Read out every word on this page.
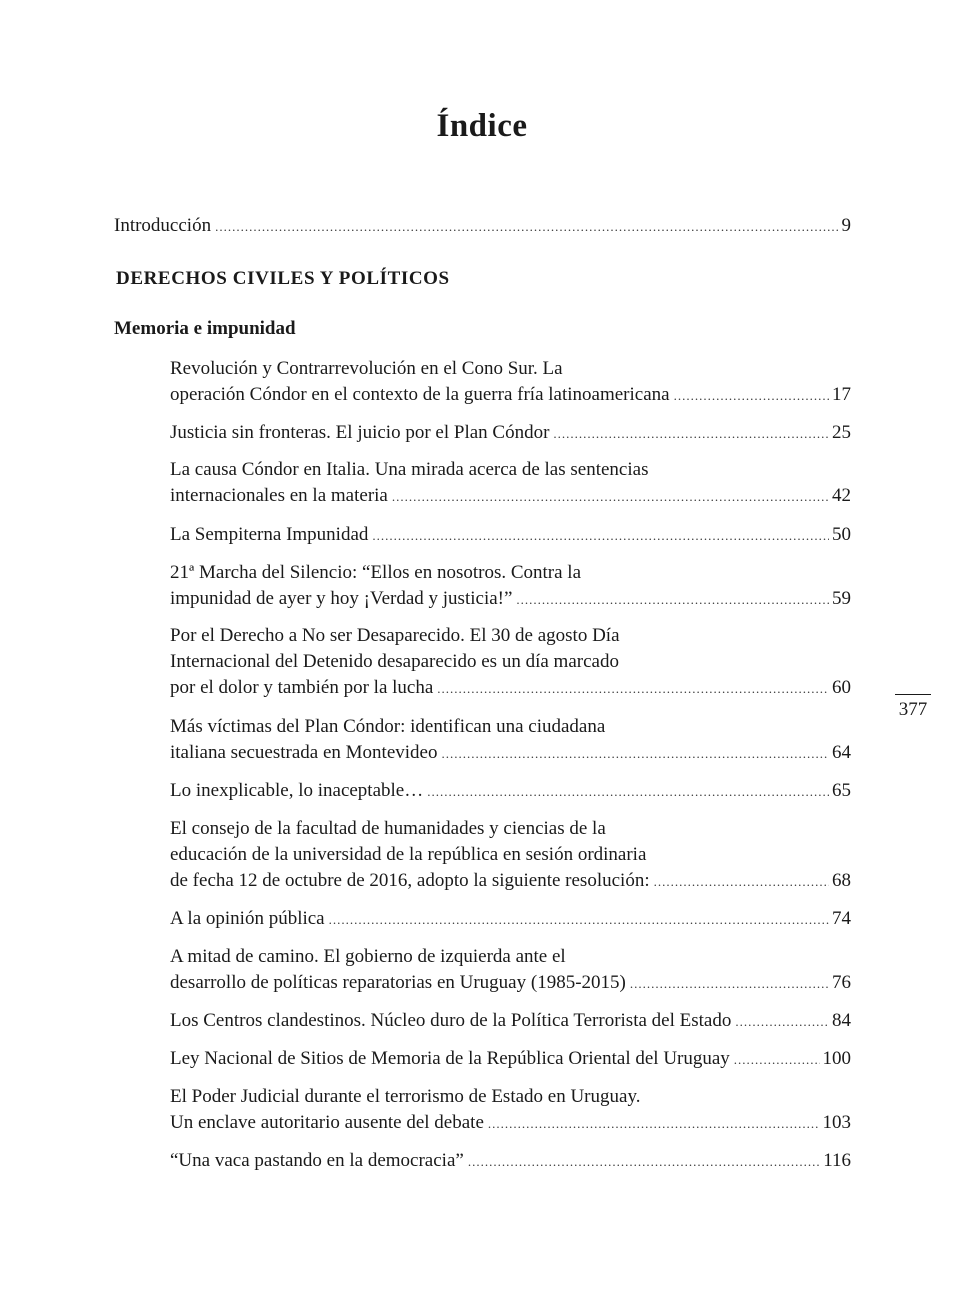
Índice
Introducción .....	9
Revolución y Contrarrevolución en el Cono Sur. La
operación Cóndor en el contexto de la guerra fría latinoamericana .....	17
Justicia sin fronteras. El juicio por el Plan Cóndor .....	25
La causa Cóndor en Italia. Una mirada acerca de las sentencias
internacionales en la materia .....	42
La Sempiterna Impunidad .....	50
21ª Marcha del Silencio: “Ellos en nosotros. Contra la
impunidad de ayer y hoy ¡Verdad y justicia!” .....	59
Por el Derecho a No ser Desaparecido. El 30 de agosto Día
Internacional del Detenido desaparecido es un día marcado
por el dolor y también por la lucha .....	60
Más víctimas del Plan Cóndor: identifican una ciudadana
italiana secuestrada en Montevideo .....	64
Lo inexplicable, lo inaceptable… .....	65
El consejo de la facultad de humanidades y ciencias de la
educación de la universidad de la república en sesión ordinaria
de fecha 12 de octubre de 2016, adopto la siguiente resolución: .....	68
A la opinión pública .....	74
A mitad de camino. El gobierno de izquierda ante el
desarrollo de políticas reparatorias en Uruguay (1985-2015) .....	76
Los Centros clandestinos. Núcleo duro de la Política Terrorista del Estado .....	84
Ley Nacional de Sitios de Memoria de la República Oriental del Uruguay .....	100
El Poder Judicial durante el terrorismo de Estado en Uruguay.
Un enclave autoritario ausente del debate .....	103
“Una vaca pastando en la democracia” .....	116
DERECHOS CIVILES Y POLÍTICOS
Memoria e impunidad
377
